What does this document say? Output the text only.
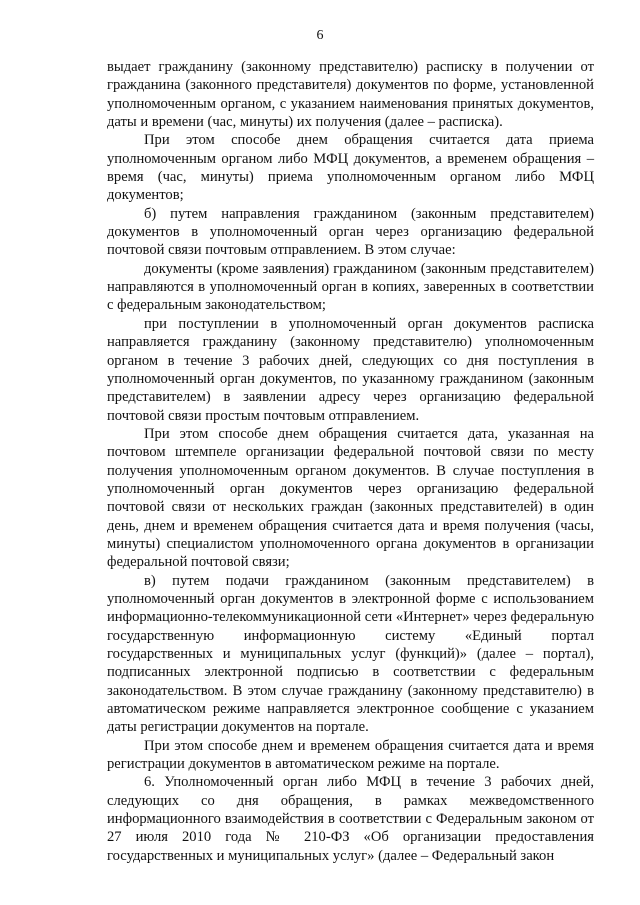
6

выдает гражданину (законному представителю) расписку в получении от гражданина (законного представителя) документов по форме, установленной уполномоченным органом, с указанием наименования принятых документов, даты и времени (час, минуты) их получения (далее – расписка).

При этом способе днем обращения считается дата приема уполномоченным органом либо МФЦ документов, а временем обращения – время (час, минуты) приема уполномоченным органом либо МФЦ документов;

б) путем направления гражданином (законным представителем) документов в уполномоченный орган через организацию федеральной почтовой связи почтовым отправлением. В этом случае:

документы (кроме заявления) гражданином (законным представителем) направляются в уполномоченный орган в копиях, заверенных в соответствии с федеральным законодательством;

при поступлении в уполномоченный орган документов расписка направляется гражданину (законному представителю) уполномоченным органом в течение 3 рабочих дней, следующих со дня поступления в уполномоченный орган документов, по указанному гражданином (законным представителем) в заявлении адресу через организацию федеральной почтовой связи простым почтовым отправлением.

При этом способе днем обращения считается дата, указанная на почтовом штемпеле организации федеральной почтовой связи по месту получения уполномоченным органом документов. В случае поступления в уполномоченный орган документов через организацию федеральной почтовой связи от нескольких граждан (законных представителей) в один день, днем и временем обращения считается дата и время получения (часы, минуты) специалистом уполномоченного органа документов в организации федеральной почтовой связи;

в) путем подачи гражданином (законным представителем) в уполномоченный орган документов в электронной форме с использованием информационно-телекоммуникационной сети «Интернет» через федеральную государственную информационную систему «Единый портал государственных и муниципальных услуг (функций)» (далее – портал), подписанных электронной подписью в соответствии с федеральным законодательством. В этом случае гражданину (законному представителю) в автоматическом режиме направляется электронное сообщение с указанием даты регистрации документов на портале.

При этом способе днем и временем обращения считается дата и время регистрации документов в автоматическом режиме на портале.

6. Уполномоченный орган либо МФЦ в течение 3 рабочих дней, следующих со дня обращения, в рамках межведомственного информационного взаимодействия в соответствии с Федеральным законом от 27 июля 2010 года № 210-ФЗ «Об организации предоставления государственных и муниципальных услуг» (далее – Федеральный закон
